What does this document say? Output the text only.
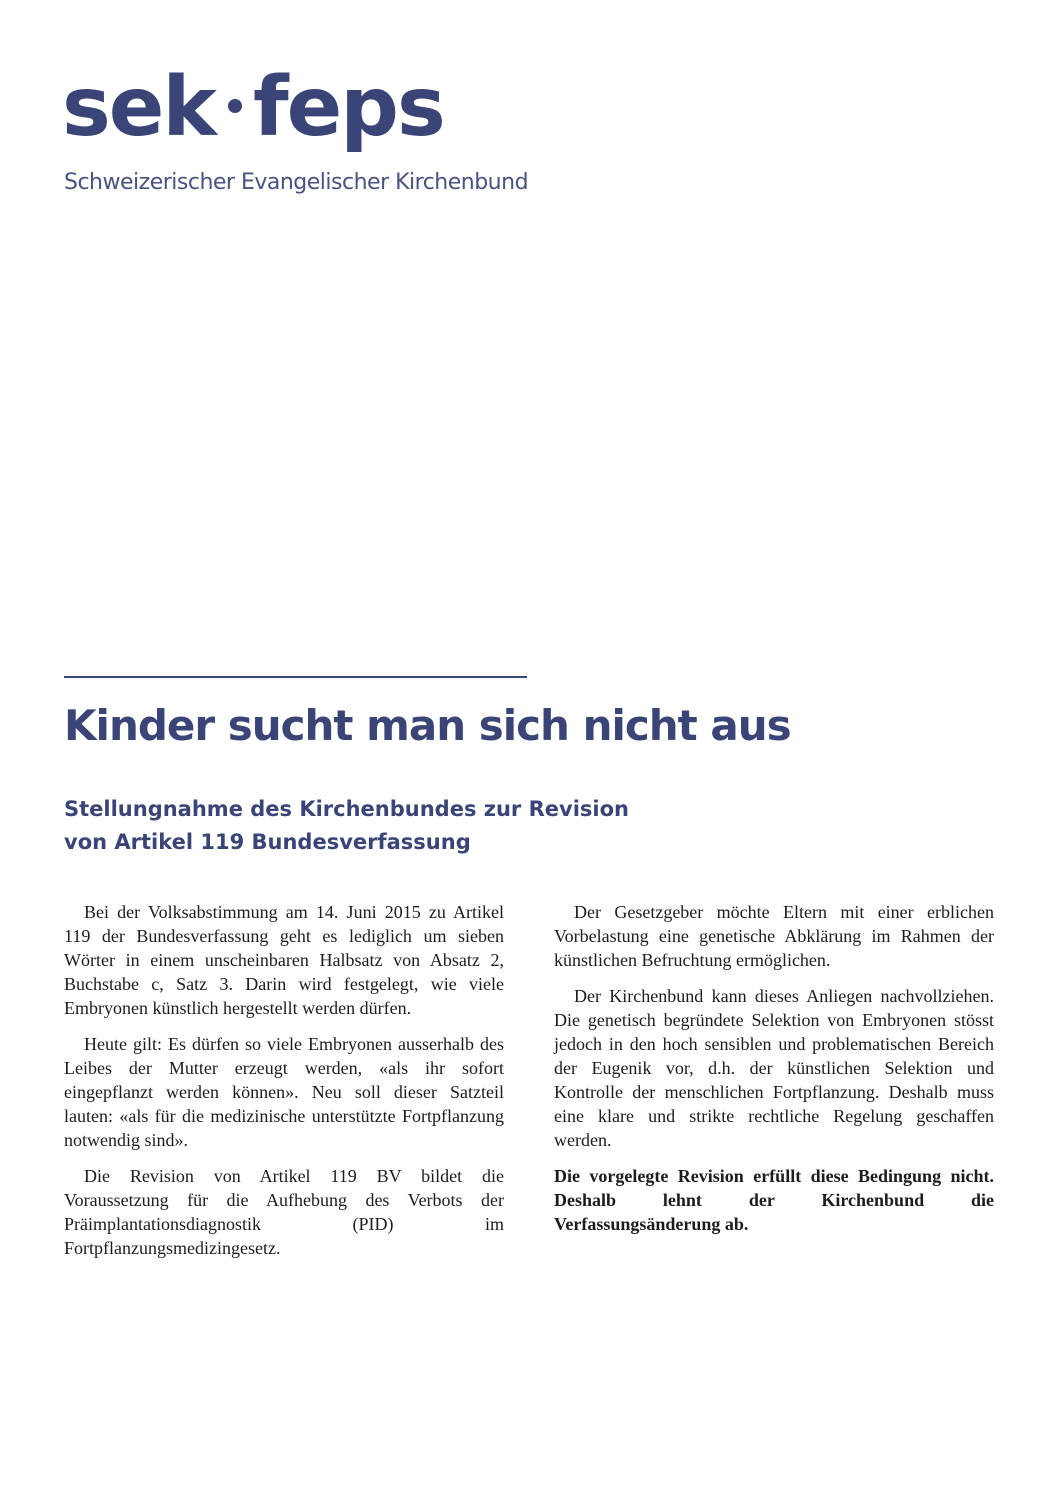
sek feps
Schweizerischer Evangelischer Kirchenbund
Kinder sucht man sich nicht aus
Stellungnahme des Kirchenbundes zur Revision
von Artikel 119 Bundesverfassung

Bei der Volksabstimmung am 14. Juni 2015 zu Artikel 119 der Bundesverfassung geht es lediglich um sieben Wörter in einem unscheinbaren Halbsatz von Absatz 2, Buchstabe c, Satz 3. Darin wird festgelegt, wie viele Embryonen künstlich hergestellt werden dürfen.

Heute gilt: Es dürfen so viele Embryonen ausserhalb des Leibes der Mutter erzeugt werden, «als ihr sofort eingepflanzt werden können». Neu soll dieser Satzteil lauten: «als für die medizinische unterstützte Fortpflanzung notwendig sind».

Die Revision von Artikel 119 BV bildet die Voraussetzung für die Aufhebung des Verbots der Präimplantationsdiagnostik (PID) im Fortpflanzungsmedizingesetz.

Der Gesetzgeber möchte Eltern mit einer erblichen Vorbelastung eine genetische Abklärung im Rahmen der künstlichen Befruchtung ermöglichen.

Der Kirchenbund kann dieses Anliegen nachvollziehen. Die genetisch begründete Selektion von Embryonen stösst jedoch in den hoch sensiblen und problematischen Bereich der Eugenik vor, d.h. der künstlichen Selektion und Kontrolle der menschlichen Fortpflanzung. Deshalb muss eine klare und strikte rechtliche Regelung geschaffen werden.

Die vorgelegte Revision erfüllt diese Bedingung nicht. Deshalb lehnt der Kirchenbund die Verfassungsänderung ab.
